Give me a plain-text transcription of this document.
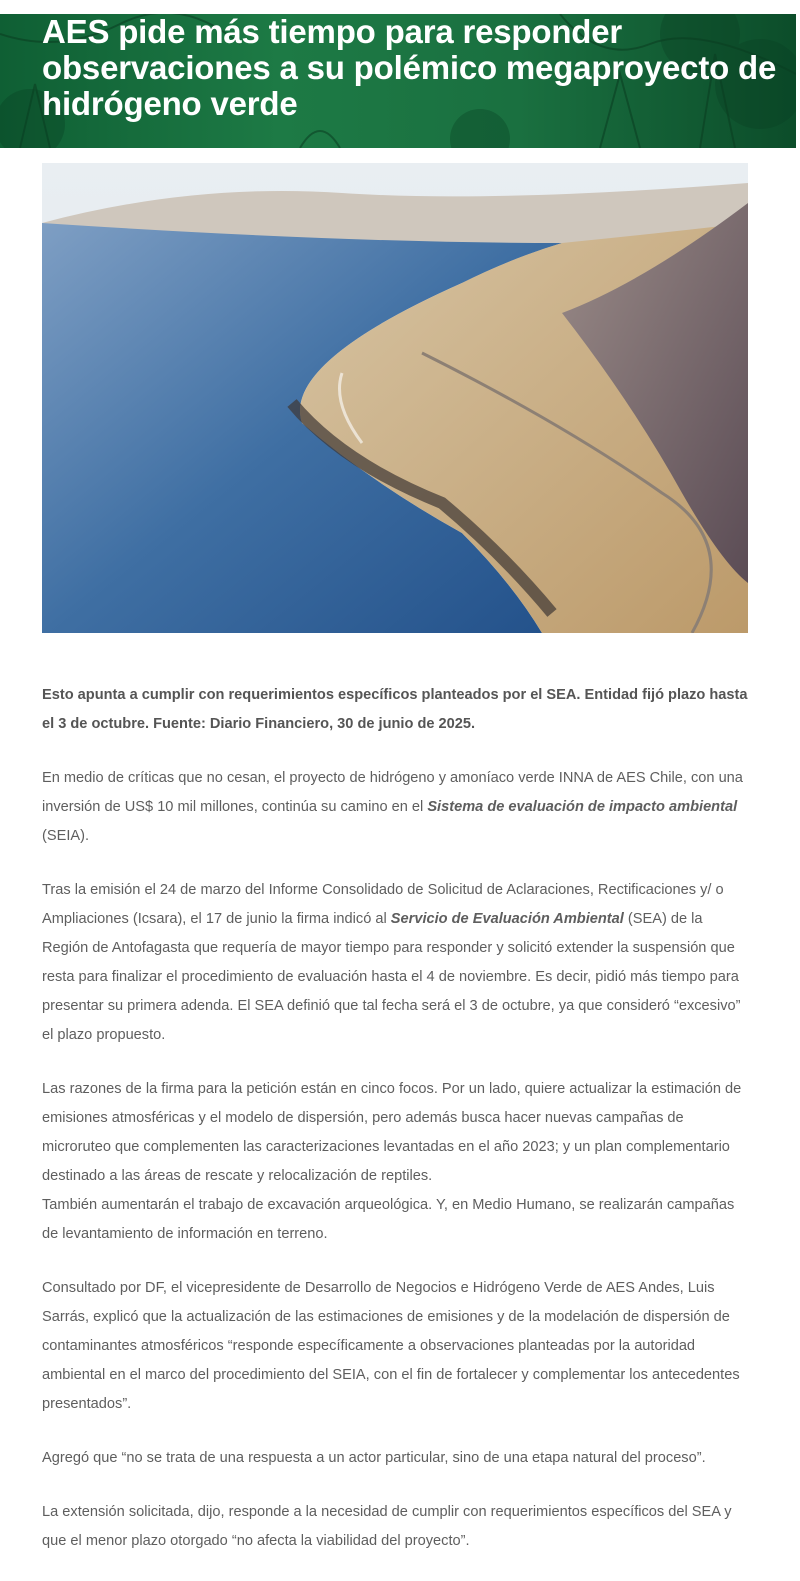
AES pide más tiempo para responder observaciones a su polémico megaproyecto de hidrógeno verde

Esto apunta a cumplir con requerimientos específicos planteados por el SEA. Entidad fijó plazo hasta el 3 de octubre. Fuente: Diario Financiero, 30 de junio de 2025.

En medio de críticas que no cesan, el proyecto de hidrógeno y amoníaco verde INNA de AES Chile, con una inversión de US$ 10 mil millones, continúa su camino en el Sistema de evaluación de impacto ambiental (SEIA).

Tras la emisión el 24 de marzo del Informe Consolidado de Solicitud de Aclaraciones, Rectificaciones y/ o Ampliaciones (Icsara), el 17 de junio la firma indicó al Servicio de Evaluación Ambiental (SEA) de la Región de Antofagasta que requería de mayor tiempo para responder y solicitó extender la suspensión que resta para finalizar el procedimiento de evaluación hasta el 4 de noviembre. Es decir, pidió más tiempo para presentar su primera adenda. El SEA definió que tal fecha será el 3 de octubre, ya que consideró “excesivo” el plazo propuesto.

Las razones de la firma para la petición están en cinco focos. Por un lado, quiere actualizar la estimación de emisiones atmosféricas y el modelo de dispersión, pero además busca hacer nuevas campañas de microruteo que complementen las caracterizaciones levantadas en el año 2023; y un plan complementario destinado a las áreas de rescate y relocalización de reptiles.
También aumentarán el trabajo de excavación arqueológica. Y, en Medio Humano, se realizarán campañas de levantamiento de información en terreno.

Consultado por DF, el vicepresidente de Desarrollo de Negocios e Hidrógeno Verde de AES Andes, Luis Sarrás, explicó que la actualización de las estimaciones de emisiones y de la modelación de dispersión de contaminantes atmosféricos “responde específicamente a observaciones planteadas por la autoridad ambiental en el marco del procedimiento del SEIA, con el fin de fortalecer y complementar los antecedentes presentados”.

Agregó que “no se trata de una respuesta a un actor particular, sino de una etapa natural del proceso”.

La extensión solicitada, dijo, responde a la necesidad de cumplir con requerimientos específicos del SEA y que el menor plazo otorgado “no afecta la viabilidad del proyecto”.
